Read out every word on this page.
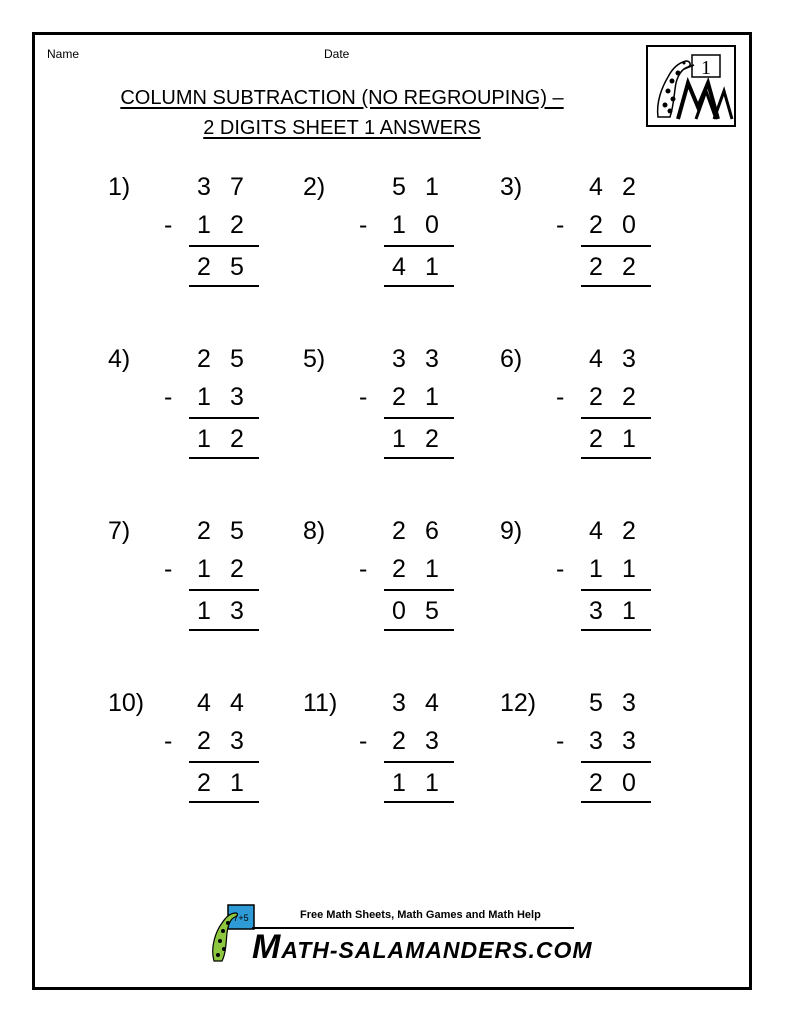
Name	Date
COLUMN SUBTRACTION (NO REGROUPING) –
2 DIGITS SHEET 1 ANSWERS
1
1)	3 7
1 2
2 5
-
2)	5 1
1 0
4 1
-
3)	4 2
2 0
2 2
-
4)	2 5
1 3
1 2
-
5)	3 3
2 1
1 2
-
6)	4 3
2 2
2 1
-
7)	2 5
1 2
1 3
-
8)	2 6
2 1
0 5
-
9)	4 2
1 1
3 1
-
10) 4 4
2 3
2 1
-
11) 3 4
2 3
1 1
-
12) 5 3
3 3
2 0
-
7+5	Free Math Sheets, Math Games and Math Help
MATH-SALAMANDERS.COM
